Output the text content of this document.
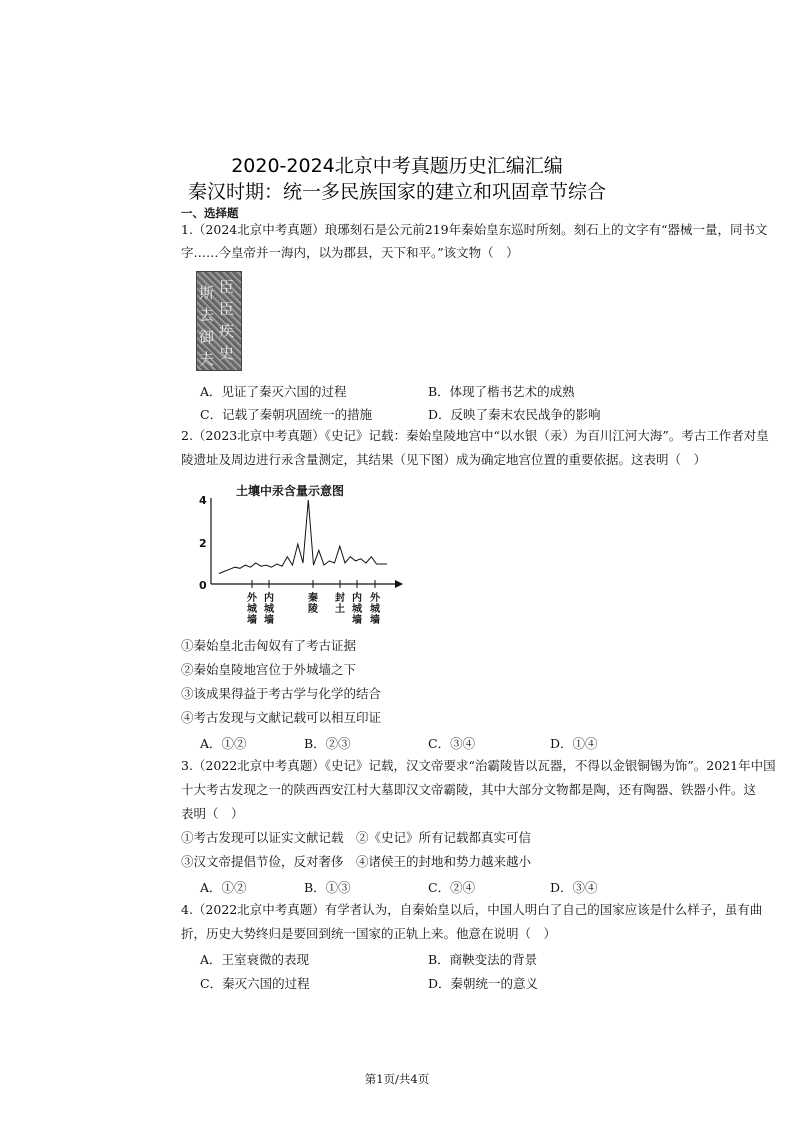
2020-2024北京中考真题历史汇编汇编
秦汉时期：统一多民族国家的建立和巩固章节综合
一、选择题
1.（2024北京中考真题）琅琊刻石是公元前219年秦始皇东巡时所刻。刻石上的文字有“器械一量，同书文
字……今皇帝并一海内，以为郡县，天下和平。”该文物（　）
臣
斯
臣
去
疾
御
史
夫
A．见证了秦灭六国的过程	B．体现了楷书艺术的成熟
C．记载了秦朝巩固统一的措施	D．反映了秦末农民战争的影响
2.（2023北京中考真题）《史记》记载：秦始皇陵地宫中“以水银（汞）为百川江河大海”。考古工作者对皇
陵遗址及周边进行汞含量测定，其结果（见下图）成为确定地宫位置的重要依据。这表明（　）
土壤中汞含量示意图
4
2
0
外城墙
内城墙
秦陵
封土
内城墙
外城墙
①秦始皇北击匈奴有了考古证据
②秦始皇陵地宫位于外城墙之下
③该成果得益于考古学与化学的结合
④考古发现与文献记载可以相互印证
A．①②	B．②③	C．③④	D．①④
3.（2022北京中考真题）《史记》记载，汉文帝要求“治霸陵皆以瓦器，不得以金银铜锡为饰”。2021年中国
十大考古发现之一的陕西西安江村大墓即汉文帝霸陵，其中大部分文物都是陶，还有陶器、铁器小件。这
表明（　）
①考古发现可以证实文献记载　②《史记》所有记载都真实可信
③汉文帝提倡节俭，反对奢侈　④诸侯王的封地和势力越来越小
A．①②	B．①③	C．②④	D．③④
4.（2022北京中考真题）有学者认为，自秦始皇以后，中国人明白了自己的国家应该是什么样子，虽有曲
折，历史大势终归是要回到统一国家的正轨上来。他意在说明（　）
A．王室衰微的表现	B．商鞅变法的背景
C．秦灭六国的过程	D．秦朝统一的意义
第1页/共4页
